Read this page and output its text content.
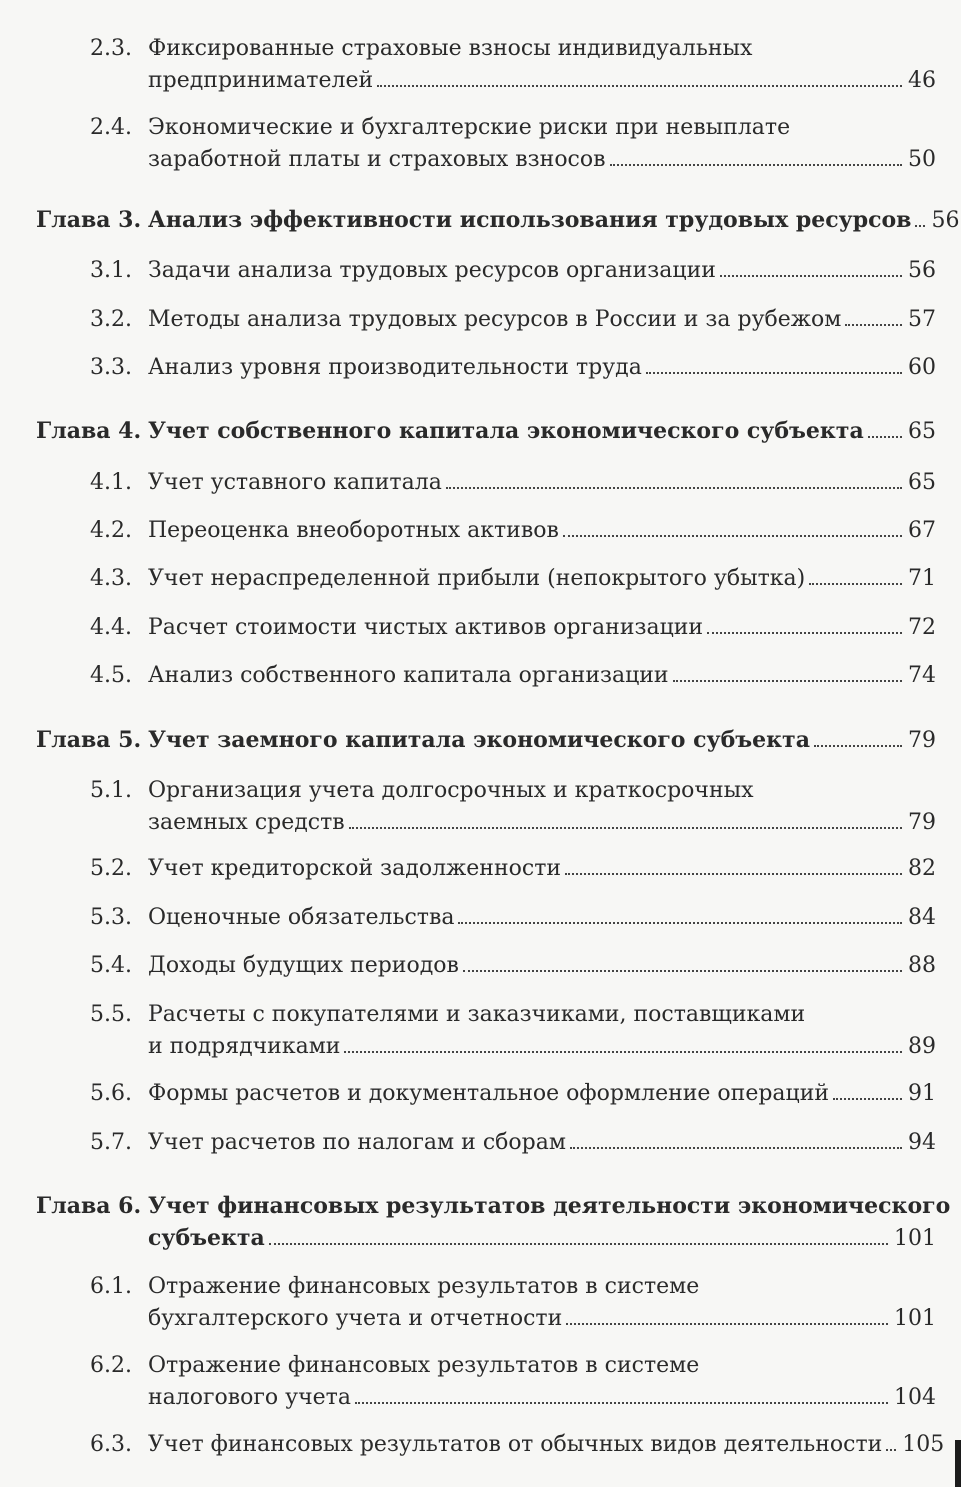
2.3. Фиксированные страховые взносы индивидуальных
предпринимателей	46
2.4. Экономические и бухгалтерские риски при невыплате
заработной платы и страховых взносов	50
Глава 3. Анализ эффективности использования трудовых ресурсов 56
3.1. Задачи анализа трудовых ресурсов организации	56
3.2. Методы анализа трудовых ресурсов в России и за рубежом	57
3.3. Анализ уровня производительности труда	60
Глава 4. Учет собственного капитала экономического субъекта 65
4.1. Учет уставного капитала	65
4.2. Переоценка внеоборотных активов	67
4.3. Учет нераспределенной прибыли (непокрытого убытка)	71
4.4. Расчет стоимости чистых активов организации	72
4.5. Анализ собственного капитала организации	74
Глава 5. Учет заемного капитала экономического субъекта	79
5.1. Организация учета долгосрочных и краткосрочных
заемных средств	79
5.2. Учет кредиторской задолженности	82
5.3. Оценочные обязательства	84
5.4. Доходы будущих периодов	88
5.5. Расчеты с покупателями и заказчиками, поставщиками
и подрядчиками	89
5.6. Формы расчетов и документальное оформление операций	91
5.7. Учет расчетов по налогам и сборам	94
Глава 6. Учет финансовых результатов деятельности экономического
субъекта	101
6.1. Отражение финансовых результатов в системе
бухгалтерского учета и отчетности	101
6.2. Отражение финансовых результатов в системе
налогового учета	104
6.3. Учет финансовых результатов от обычных видов деятельности 105
